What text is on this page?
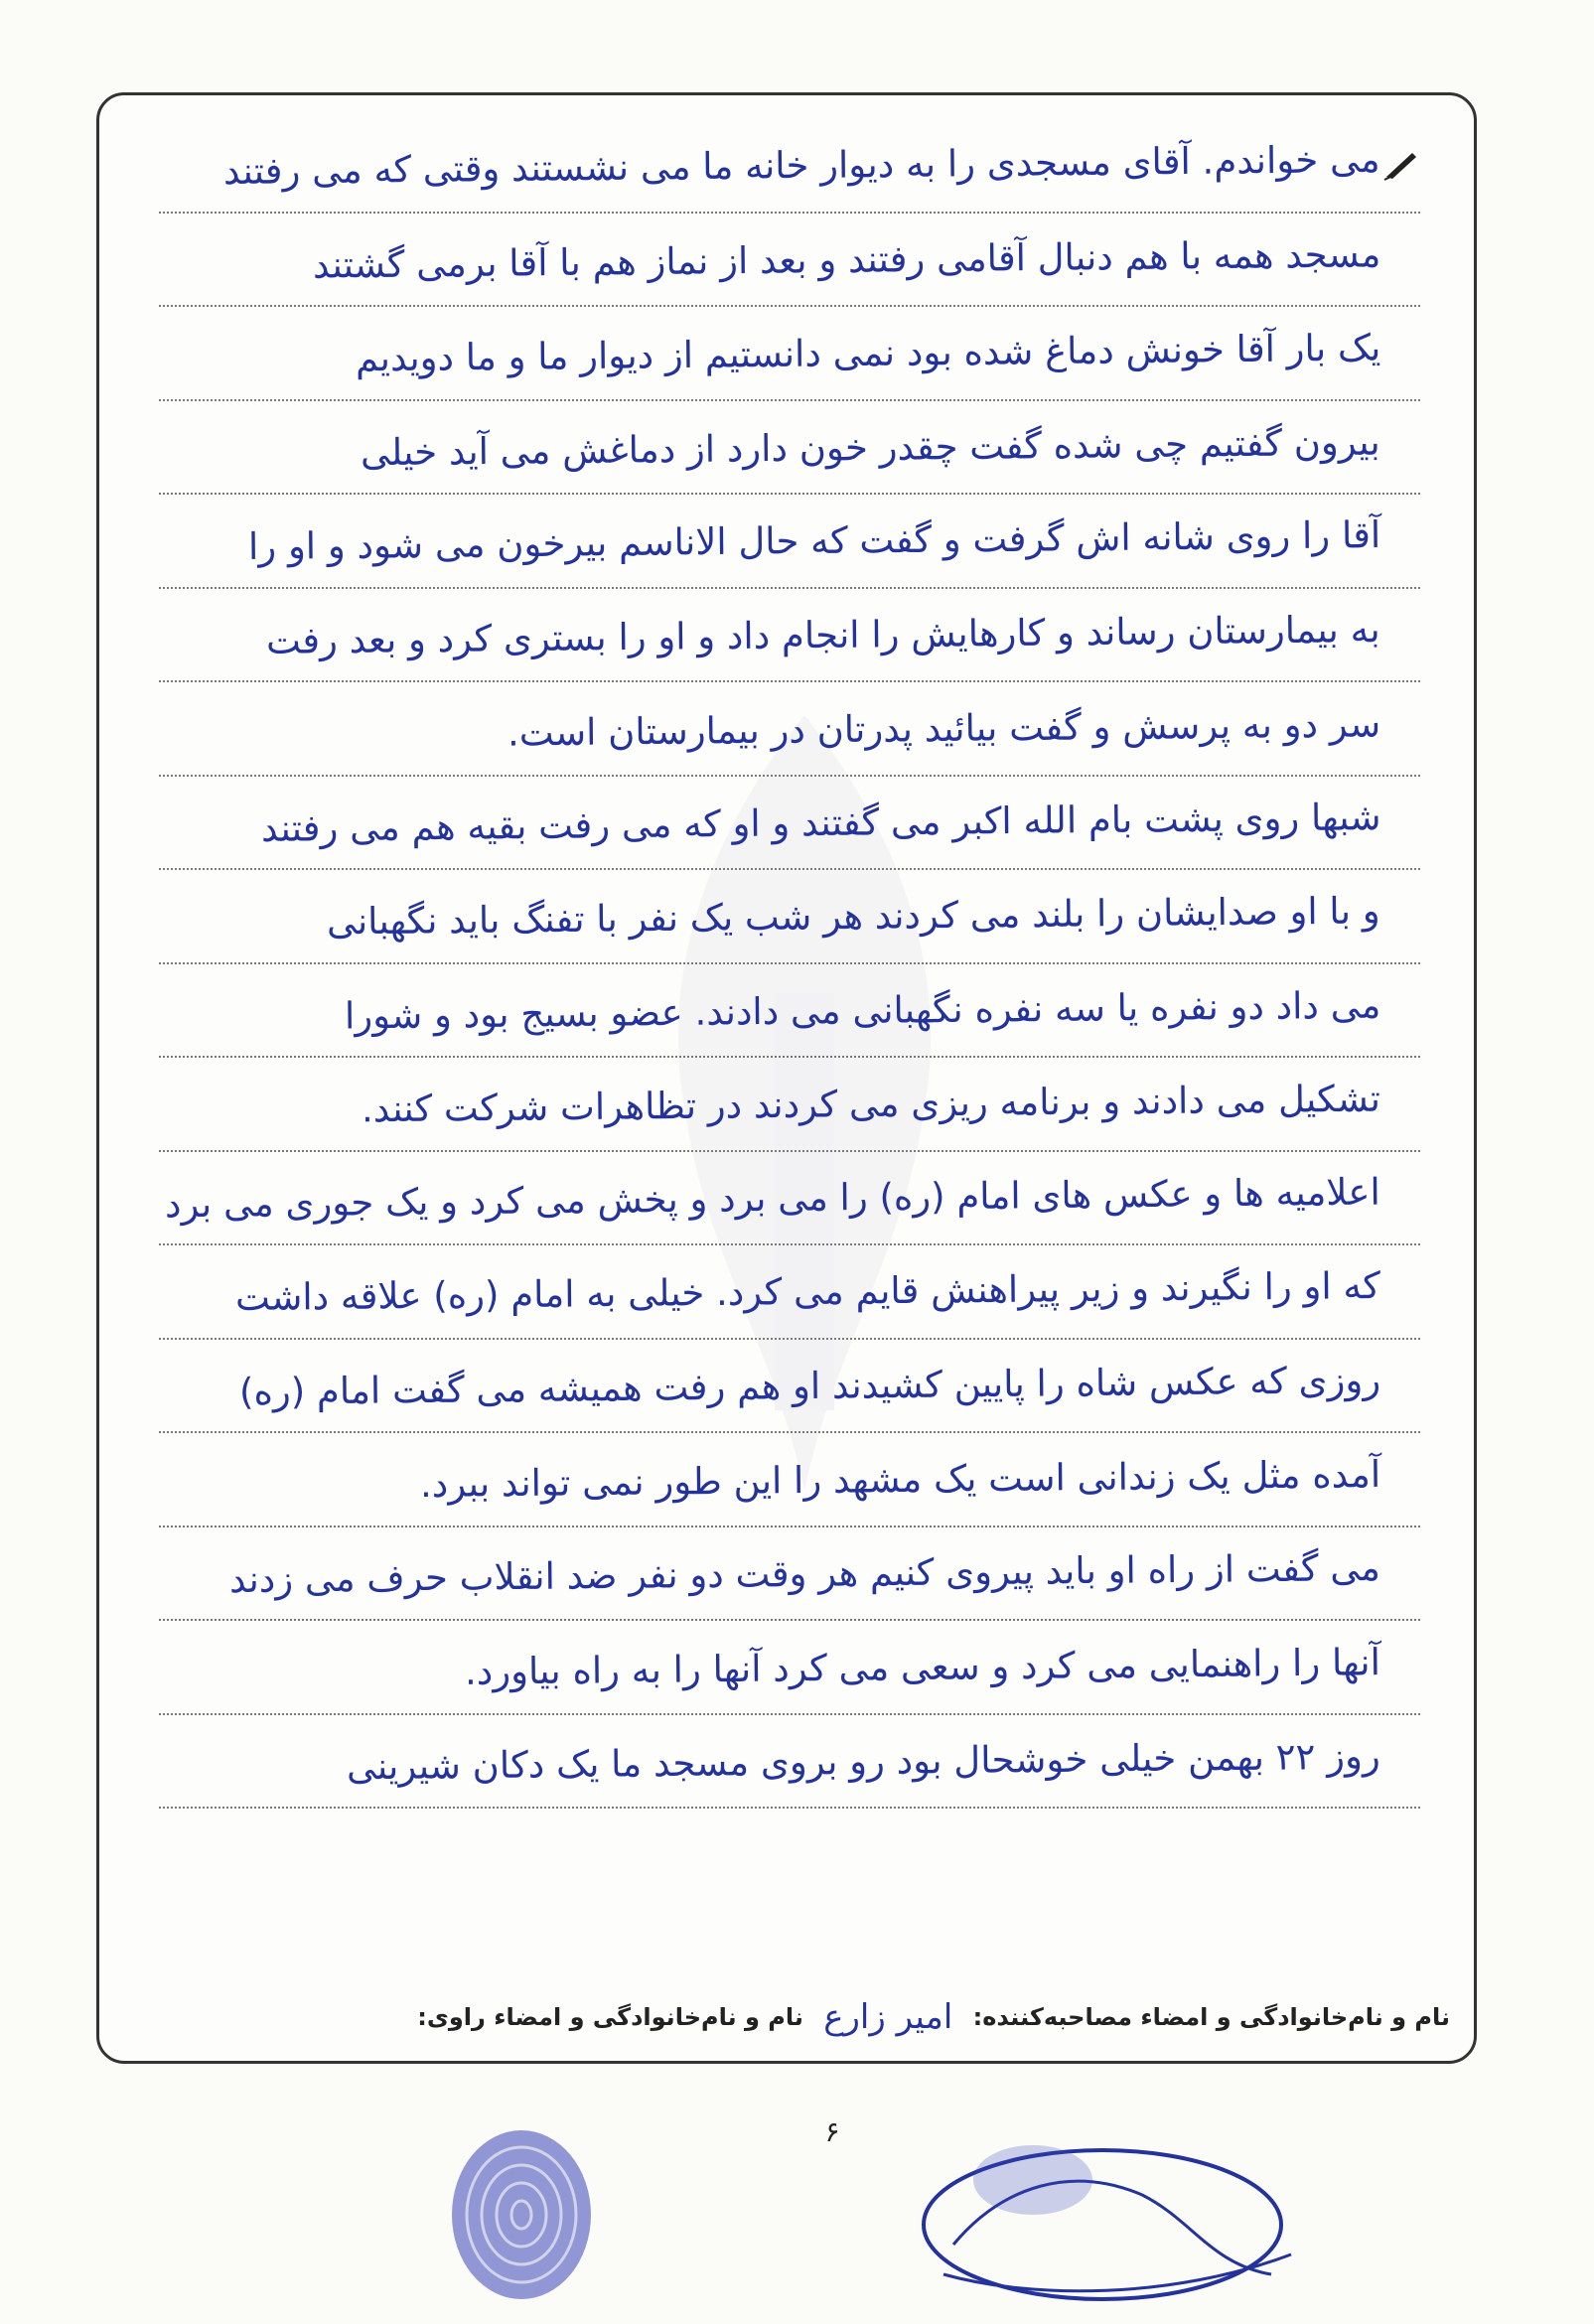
می خواندم. آقای مسجدی را به دیوار خانه ما می نشستند وقتی که می رفتند
مسجد همه با هم دنبال آقامی رفتند و بعد از نماز هم با آقا برمی گشتند
یک بار آقا خونش دماغ شده بود نمی دانستیم از دیوار ما و ما دویدیم
بیرون گفتیم چی شده گفت چقدر خون دارد از دماغش می آید خیلی
آقا را روی شانه اش گرفت و گفت که حال الاناسم بیرخون می شود و او را
به بیمارستان رساند و کارهایش را انجام داد و او را بستری کرد و بعد رفت
سر دو به پرسش و گفت بیائید پدرتان در بیمارستان است.
شبها روی پشت بام الله اکبر می گفتند و او که می رفت بقیه هم می رفتند
و با او صدایشان را بلند می کردند هر شب یک نفر با تفنگ باید نگهبانی
می داد دو نفره یا سه نفره نگهبانی می دادند. عضو بسیج بود و شورا
تشکیل می دادند و برنامه ریزی می کردند در تظاهرات شرکت کنند.
اعلامیه ها و عکس های امام (ره) را می برد و پخش می کرد و یک جوری می برد
که او را نگیرند و زیر پیراهنش قایم می کرد. خیلی به امام (ره) علاقه داشت
روزی که عکس شاه را پایین کشیدند او هم رفت همیشه می گفت امام (ره)
آمده مثل یک زندانی است یک مشهد را این طور نمی تواند ببرد.
می گفت از راه او باید پیروی کنیم هر وقت دو نفر ضد انقلاب حرف می زدند
آنها را راهنمایی می کرد و سعی می کرد آنها را به راه بیاورد.
روز ۲۲ بهمن خیلی خوشحال بود رو بروی مسجد ما یک دکان شیرینی
نام و نام‌خانوادگی و امضاء مصاحبه‌کننده: امیر زارع نام و نام‌خانوادگی و امضاء راوی:
۶
